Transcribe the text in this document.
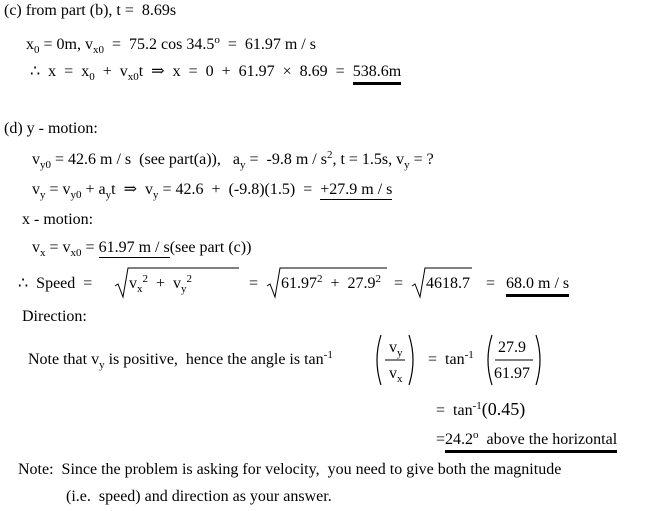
(c) from part (b), t =  8.69s
$x_0 = 0m$, $v_{x0} = 75.2$ cos 34.5$^o$  =  61.97 m / s
∴  $x = x_0 + v_{x0}t$  ⇒  x  =  0  +  61.97  ×  8.69  =  538.6m
(d) y - motion:
$v_{y0} = 42.6$ m / s  (see part(a)),   $a_y = -9.8$ m / $s^2$, t = 1.5s, $v_y$ = ?
$v_y = v_{y0} + a_yt$  ⇒  $v_y = 42.6 + (-9.8)(1.5) = +27.9$ m / s
x - motion:
$v_x = v_{x0} = 61.97$ m / s(see part (c))
∴  Speed  = $v_x^2 + v_y^2$	= $61.97^2 + 27.9^2 = 4618.7 = 68.0$ m / s
Direction:
Note that $v_y$ is positive,  hence the angle is $\tan^{-1}$	$v_y$
$v_x$
=  $\tan^{-1} 27.9$
61.97
=  $\tan^{-1}(0.45)$
$=24.2^o$  above the horizontal
Note:  Since the problem is asking for velocity,  you need to give both the magnitude
(i.e.  speed) and direction as your answer.
